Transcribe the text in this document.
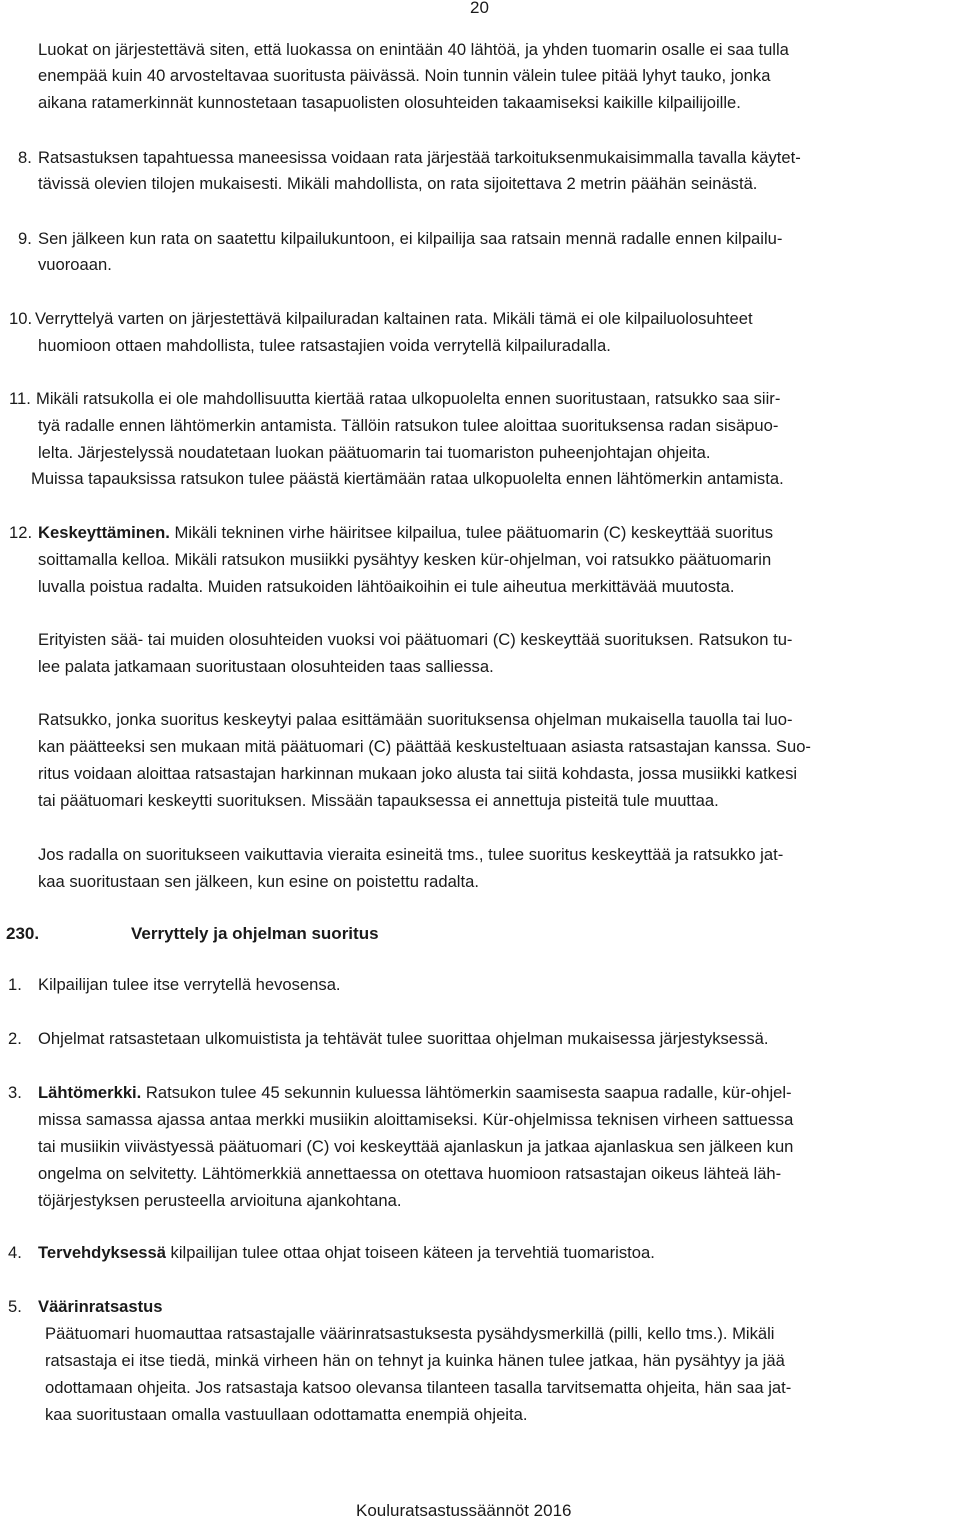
20
Luokat on järjestettävä siten, että luokassa on enintään 40 lähtöä, ja yhden tuomarin osalle ei saa tulla
enempää kuin 40 arvosteltavaa suoritusta päivässä. Noin tunnin välein tulee pitää lyhyt tauko, jonka
aikana ratamerkinnät kunnostetaan tasapuolisten olosuhteiden takaamiseksi kaikille kilpailijoille.
8. Ratsastuksen tapahtuessa maneesissa voidaan rata järjestää tarkoituksenmukaisimmalla tavalla käytet-
tävissä olevien tilojen mukaisesti. Mikäli mahdollista, on rata sijoitettava 2 metrin päähän seinästä.
9. Sen jälkeen kun rata on saatettu kilpailukuntoon, ei kilpailija saa ratsain mennä radalle ennen kilpailu-
vuoroaan.
10. Verryttelyä varten on järjestettävä kilpailuradan kaltainen rata. Mikäli tämä ei ole kilpailuolosuhteet
huomioon ottaen mahdollista, tulee ratsastajien voida verrytellä kilpailuradalla.
11. Mikäli ratsukolla ei ole mahdollisuutta kiertää rataa ulkopuolelta ennen suoritustaan, ratsukko saa siir-
tyä radalle ennen lähtömerkin antamista. Tällöin ratsukon tulee aloittaa suorituksensa radan sisäpuo-
lelta. Järjestelyssä noudatetaan luokan päätuomarin tai tuomariston puheenjohtajan ohjeita.
Muissa tapauksissa ratsukon tulee päästä kiertämään rataa ulkopuolelta ennen lähtömerkin antamista.
12. Keskeyttäminen. Mikäli tekninen virhe häiritsee kilpailua, tulee päätuomarin (C) keskeyttää suoritus
soittamalla kelloa. Mikäli ratsukon musiikki pysähtyy kesken kür-ohjelman, voi ratsukko päätuomarin
luvalla poistua radalta. Muiden ratsukoiden lähtöaikoihin ei tule aiheutua merkittävää muutosta.
Erityisten sää- tai muiden olosuhteiden vuoksi voi päätuomari (C) keskeyttää suorituksen. Ratsukon tu-
lee palata jatkamaan suoritustaan olosuhteiden taas salliessa.
Ratsukko, jonka suoritus keskeytyi palaa esittämään suorituksensa ohjelman mukaisella tauolla tai luo-
kan päätteeksi sen mukaan mitä päätuomari (C) päättää keskusteltuaan asiasta ratsastajan kanssa. Suo-
ritus voidaan aloittaa ratsastajan harkinnan mukaan joko alusta tai siitä kohdasta, jossa musiikki katkesi
tai päätuomari keskeytti suorituksen. Missään tapauksessa ei annettuja pisteitä tule muuttaa.
Jos radalla on suoritukseen vaikuttavia vieraita esineitä tms., tulee suoritus keskeyttää ja ratsukko jat-
kaa suoritustaan sen jälkeen, kun esine on poistettu radalta.
230.	Verryttely ja ohjelman suoritus
1. Kilpailijan tulee itse verrytellä hevosensa.
2. Ohjelmat ratsastetaan ulkomuistista ja tehtävät tulee suorittaa ohjelman mukaisessa järjestyksessä.
3. Lähtömerkki. Ratsukon tulee 45 sekunnin kuluessa lähtömerkin saamisesta saapua radalle, kür-ohjel-
missa samassa ajassa antaa merkki musiikin aloittamiseksi. Kür-ohjelmissa teknisen virheen sattuessa
tai musiikin viivästyessä päätuomari (C) voi keskeyttää ajanlaskun ja jatkaa ajanlaskua sen jälkeen kun
ongelma on selvitetty. Lähtömerkkiä annettaessa on otettava huomioon ratsastajan oikeus lähteä läh-
töjärjestyksen perusteella arvioituna ajankohtana.
4. Tervehdyksessä kilpailijan tulee ottaa ohjat toiseen käteen ja tervehtiä tuomaristoa.
5. Väärinratsastus
Päätuomari huomauttaa ratsastajalle väärinratsastuksesta pysähdysmerkillä (pilli, kello tms.). Mikäli
ratsastaja ei itse tiedä, minkä virheen hän on tehnyt ja kuinka hänen tulee jatkaa, hän pysähtyy ja jää
odottamaan ohjeita. Jos ratsastaja katsoo olevansa tilanteen tasalla tarvitsematta ohjeita, hän saa jat-
kaa suoritustaan omalla vastuullaan odottamatta enempiä ohjeita.
Kouluratsastussäännöt 2016
